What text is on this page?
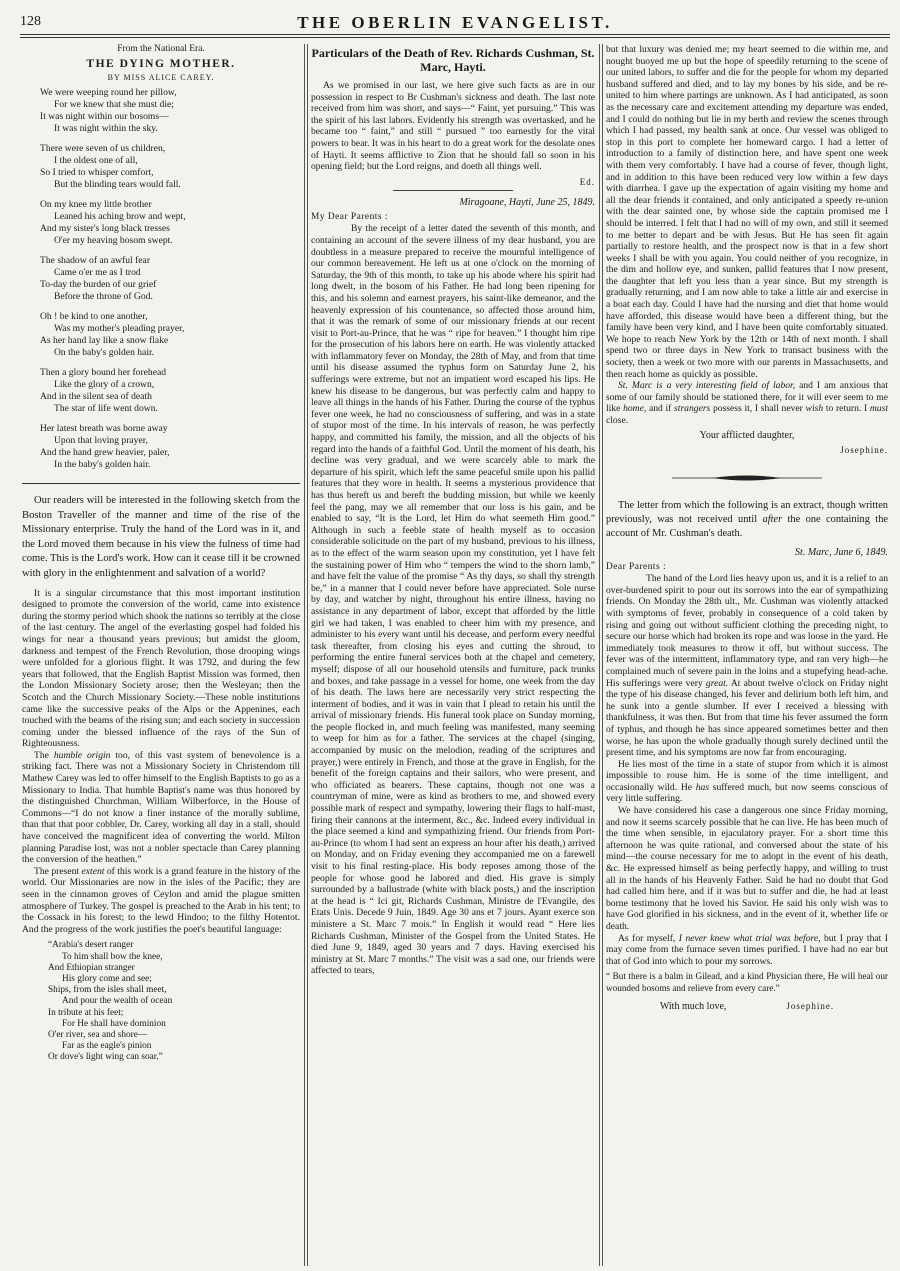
128	THE OBERLIN EVANGELIST.
From the National Era.
THE DYING MOTHER.
BY MISS ALICE CAREY.
We were weeping round her pillow,
For we knew that she must die;
It was night within our bosoms—
It was night within the sky.
There were seven of us children,
I the oldest one of all,
So I tried to whisper comfort,
But the blinding tears would fall.
On my knee my little brother
Leaned his aching brow and wept,
And my sister's long black tresses
O'er my heaving bosom swept.
The shadow of an awful fear
Came o'er me as I trod
To-day the burden of our grief
Before the throne of God.
Oh ! be kind to one another,
Was my mother's pleading prayer,
As her hand lay like a snow flake
On the baby's golden hair.
Then a glory bound her forehead
Like the glory of a crown,
And in the silent sea of death
The star of life went down.
Her latest breath was borne away
Upon that loving prayer,
And the hand grew heavier, paler,
In the baby's golden hair.

Our readers will be interested in the following sketch from the Boston Traveller of the manner and time of the rise of the Missionary enterprise. Truly the hand of the Lord was in it, and the Lord moved them because in his view the fulness of time had come. This is the Lord's work. How can it cease till it be crowned with glory in the enlightenment and salvation of a world?

It is a singular circumstance that this most important institution designed to promote the conversion of the world, came into existence during the stormy period which shook the nations so terribly at the close of the last century. The angel of the everlasting gospel had folded his wings for near a thousand years previous; but amidst the gloom, darkness and tempest of the French Revolution, those drooping wings were unfolded for a glorious flight. It was 1792, and during the few years that followed, that the English Baptist Mission was formed, then the London Missionary Society arose; then the Wesleyan; then the Scotch and the Church Missionary Society.—These noble institutions came like the successive peaks of the Alps or the Appenines, each touched with the beams of the rising sun; and each society in succession coming under the blessed influence of the rays of the Sun of Righteousness.

The humble origin too, of this vast system of benevolence is a striking fact. There was not a Missionary Society in Christendom till Mathew Carey was led to offer himself to the English Baptists to go as a Missionary to India. That humble Baptist's name was thus honored by the distinguished Churchman, William Wilberforce, in the House of Commons—“I do not know a finer instance of the morally sublime, than that that poor cobbler, Dr. Carey, working all day in a stall, should have conceived the magnificent idea of converting the world. Milton planning Paradise lost, was not a nobler spectacle than Carey planning the conversion of the heathen.”

The present extent of this work is a grand feature in the history of the world. Our Missionaries are now in the isles of the Pacific; they are seen in the cinnamon groves of Ceylon and amid the plague smitten atmosphere of Turkey. The gospel is preached to the Arab in his tent; to the Cossack in his forest; to the lewd Hindoo; to the filthy Hotentot. And the progress of the work justifies the poet's beautiful language:

“Arabia's desert ranger
To him shall bow the knee,
And Ethiopian stranger
His glory come and see;
Ships, from the isles shall meet,
And pour the wealth of ocean
In tribute at his feet;
For He shall have dominion
O'er river, sea and shore—
Far as the eagle's pinion
Or dove's light wing can soar.”
Particulars of the Death of Rev. Richards Cushman, St. Marc, Hayti.

As we promised in our last, we here give such facts as are in our possession in respect to Br Cushman's sickness and death. The last note received from him was short, and says—“ Faint, yet pursuing.” This was the spirit of his last labors. Evidently his strength was overtasked, and he became too “ faint,” and still “ pursued ” too earnestly for the vital powers to bear. It was in his heart to do a great work for the desolate ones of Hayti. It seems afflictive to Zion that he should fall so soon in his opening field; but the Lord reigns, and doeth all things well.

Ed.
Miragoane, Hayti, June 25, 1849.

My Dear Parents :

By the receipt of a letter dated the seventh of this month, and containing an account of the severe illness of my dear husband, you are doubtless in a measure prepared to receive the mournful intelligence of our common bereavement. He left us at one o'clock on the morning of Saturday, the 9th of this month, to take up his abode where his spirit had long dwelt, in the bosom of his Father. He had long been ripening for this, and his solemn and earnest prayers, his saint-like demeanor, and the heavenly expression of his countenance, so affected those around him, that it was the remark of some of our missionary friends at our recent visit to Port-au-Prince, that he was “ ripe for heaven.” I thought him ripe for the prosecution of his labors here on earth. He was violently attacked with inflammatory fever on Monday, the 28th of May, and from that time until his disease assumed the typhus form on Saturday June 2, his sufferings were extreme, but not an impatient word escaped his lips. He knew his disease to be dangerous, but was perfectly calm and happy to leave all things in the hands of his Father. During the course of the typhus fever one week, he had no consciousness of suffering, and was in a state of stupor most of the time. In his intervals of reason, he was perfectly happy, and committed his family, the mission, and all the objects of his regard into the hands of a faithful God. Until the moment of his death, his decline was very gradual, and we were scarcely able to mark the departure of his spirit, which left the same peaceful smile upon his pallid features that they wore in health. It seems a mysterious providence that has thus bereft us and bereft the budding mission, but while we keenly feel the pang, may we all remember that our loss is his gain, and be enabled to say, “It is the Lord, let Him do what seemeth Him good.” Although in such a feeble state of health myself as to occasion considerable solicitude on the part of my husband, previous to his illness, as to the effect of the warm season upon my constitution, yet I have felt the sustaining power of Him who “ tempers the wind to the shorn lamb,” and have felt the value of the promise “ As thy days, so shall thy strength be,” in a manner that I could never before have appreciated. Sole nurse by day, and watcher by night, throughout his entire illness, having no assistance in any department of labor, except that afforded by the little girl we had taken, I was enabled to cheer him with my presence, and administer to his every want until his decease, and perform every needful task thereafter, from closing his eyes and cutting the shroud, to performing the entire funeral services both at the chapel and cemetery, myself; dispose of all our household utensils and furniture, pack trunks and boxes, and take passage in a vessel for home, one week from the day of his death. The laws here are necessarily very strict respecting the interment of bodies, and it was in vain that I plead to retain his until the arrival of missionary friends. His funeral took place on Sunday morning, the people flocked in, and much feeling was manifested, many seeming to weep for him as for a father. The services at the chapel (singing, accompanied by music on the melodion, reading of the scriptures and prayer,) were entirely in French, and those at the grave in English, for the benefit of the foreign captains and their sailors, who were present, and who officiated as bearers. These captains, though not one was a countryman of mine, were as kind as brothers to me, and showed every possible mark of respect and sympathy, lowering their flags to half-mast, firing their cannons at the interment, &c., &c. Indeed every individual in the place seemed a kind and sympathizing friend. Our friends from Port-au-Prince (to whom I had sent an express an hour after his death,) arrived on Monday, and on Friday evening they accompanied me on a farewell visit to his final resting-place. His body reposes among those of the people for whose good he labored and died. His grave is simply surrounded by a ballustrade (white with black posts,) and the inscription at the head is “ Ici git, Richards Cushman, Ministre de l'Evangile, des Etats Unis. Decede 9 Juin, 1849. Age 30 ans et 7 jours. Ayant exerce son ministere a St. Marc 7 mois.” In English it would read “ Here lies Richards Cushman, Minister of the Gospel from the United States. He died June 9, 1849, aged 30 years and 7 days. Having exercised his ministry at St. Marc 7 months.” The visit was a sad one, our friends were affected to tears,

but that luxury was denied me; my heart seemed to die within me, and nought buoyed me up but the hope of speedily returning to the scene of our united labors, to suffer and die for the people for whom my departed husband suffered and died, and to lay my bones by his side, and be re-united to him where partings are unknown. As I had anticipated, as soon as the necessary care and excitement attending my departure was ended, and I could do nothing but lie in my berth and review the scenes through which I had passed, my health sank at once. Our vessel was obliged to stop in this port to complete her homeward cargo. I had a letter of introduction to a family of distinction here, and have spent one week with them very comfortably. I have had a course of fever, though light, and in addition to this have been reduced very low within a few days with diarrhea. I gave up the expectation of again visiting my home and all the dear friends it contained, and only anticipated a speedy re-union with the dear sainted one, by whose side the captain promised me I should be interred. I felt that I had no will of my own, and still it seemed to me better to depart and be with Jesus. But He has seen fit again partially to restore health, and the prospect now is that in a few short weeks I shall be with you again. You could neither of you recognize, in the dim and hollow eye, and sunken, pallid features that I now present, the daughter that left you less than a year since. But my strength is gradually returning, and I am now able to take a little air and exercise in a boat each day. Could I have had the nursing and diet that home would have afforded, this disease would have been a different thing, but the family have been very kind, and I have been quite comfortably situated. We hope to reach New York by the 12th or 14th of next month. I shall spend two or three days in New York to transact business with the society, then a week or two more with our parents in Massachusetts, and then reach home as quickly as possible.

St. Marc is a very interesting field of labor, and I am anxious that some of our family should be stationed there, for it will ever seem to me like home, and if strangers possess it, I shall never wish to return. I must close.

Your afflicted daughter,
Josephine.

The letter from which the following is an extract, though written previously, was not received until after the one containing the account of Mr. Cushman's death.

St. Marc, June 6, 1849.

Dear Parents :

The hand of the Lord lies heavy upon us, and it is a relief to an over-burdened spirit to pour out its sorrows into the ear of sympathizing friends. On Monday the 28th ult., Mr. Cushman was violently attacked with symptoms of fever, probably in consequence of a cold taken by rising and going out without sufficient clothing the preceding night, to secure our horse which had broken its rope and was loose in the yard. He immediately took measures to throw it off, but without success. The fever was of the intermittent, inflammatory type, and ran very high—he complained much of severe pain in the loins and a stupefying head-ache. His sufferings were very great. At about twelve o'clock on Friday night the type of his disease changed, his fever and delirium both left him, and he sunk into a gentle slumber. If ever I received a blessing with thankfulness, it was then. But from that time his fever assumed the form of typhus, and though he has since appeared sometimes better and then worse, he has upon the whole gradually though surely declined until the present time, and his symptoms are now far from encouraging.

He lies most of the time in a state of stupor from which it is almost impossible to rouse him. He is some of the time intelligent, and occasionally wild. He has suffered much, but now seems conscious of very little suffering.

We have considered his case a dangerous one since Friday morning, and now it seems scarcely possible that he can live. He has been much of the time when sensible, in ejaculatory prayer. For a short time this afternoon he was quite rational, and conversed about the state of his mind—the course necessary for me to adopt in the event of his death, &c. He expressed himself as being perfectly happy, and willing to trust all in the hands of his Heavenly Father. Said he had no doubt that God had called him here, and if it was but to suffer and die, he had at least borne testimony that he loved his Savior. He said his only wish was to have God glorified in his sickness, and in the event of it, whether life or death.

As for myself, I never knew what trial was before, but I pray that I may come from the furnace seven times purified. I have had no ear but that of God into which to pour my sorrows.

“ But there is a balm in Gilead, and a kind Physician there, He will heal our wounded bosoms and relieve from every care.”

With much love,	Josephine.
